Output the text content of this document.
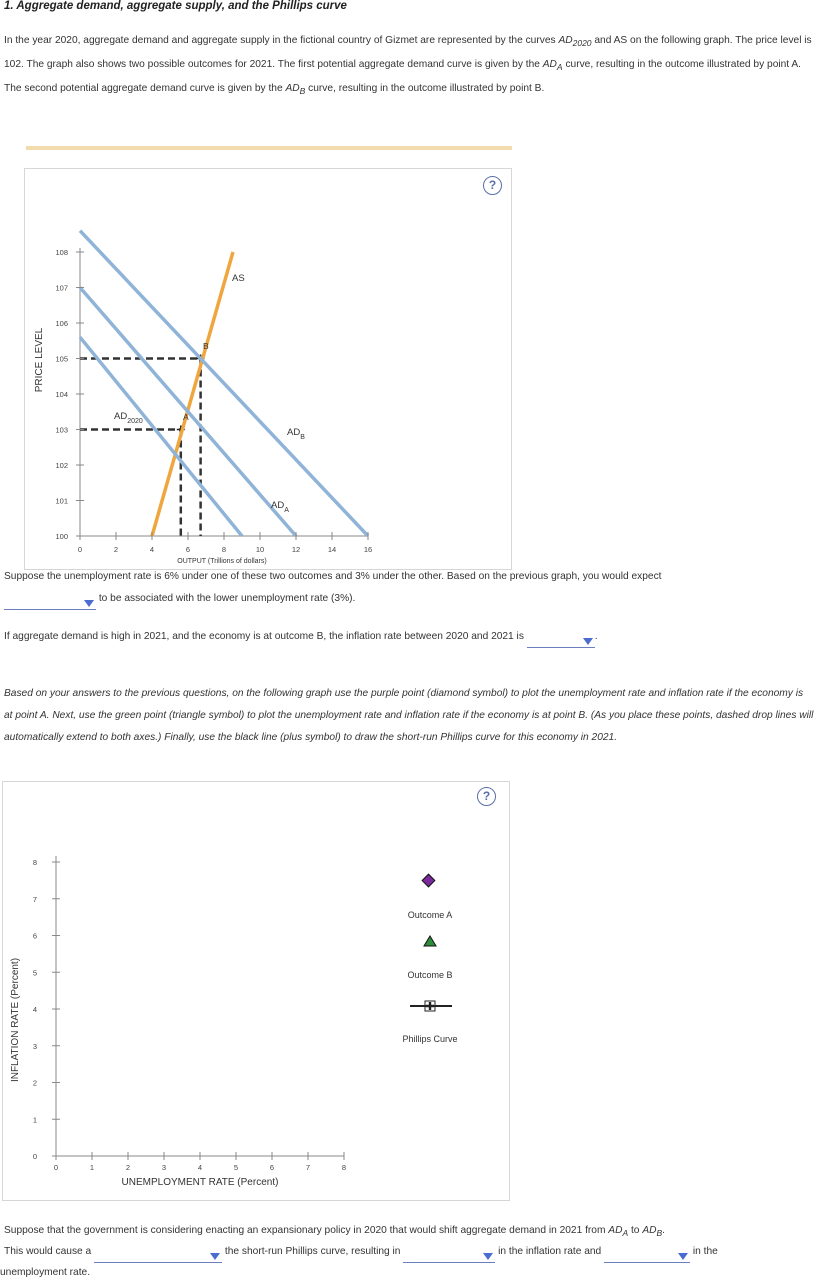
1. Aggregate demand, aggregate supply, and the Phillips curve
In the year 2020, aggregate demand and aggregate supply in the fictional country of Gizmet are represented by the curves $AD_{2020}$ and AS on the following graph. The price level is 102. The graph also shows two possible outcomes for 2021. The first potential aggregate demand curve is given by the $AD_A$ curve, resulting in the outcome illustrated by point A. The second potential aggregate demand curve is given by the $AD_B$ curve, resulting in the outcome illustrated by point B.
?
100
101
102
103
104
105
106
107
108
0	2	4	6	8	10	12	14	16
PRICE LEVEL
OUTPUT (Trillions of dollars)
AS
$AD_{2020}$
$AD_A$
$AD_B$
A
B
Suppose the unemployment rate is 6% under one of these two outcomes and 3% under the other. Based on the previous graph, you would expect
to be associated with the lower unemployment rate (3%).
If aggregate demand is high in 2021, and the economy is at outcome B, the inflation rate between 2020 and 2021 is	.
Based on your answers to the previous questions, on the following graph use the purple point (diamond symbol) to plot the unemployment rate and inflation rate if the economy is at point A. Next, use the green point (triangle symbol) to plot the unemployment rate and inflation rate if the economy is at point B. (As you place these points, dashed drop lines will automatically extend to both axes.) Finally, use the black line (plus symbol) to draw the short-run Phillips curve for this economy in 2021.
?
0
1
2
3
4
5
6
7
8
0	1	2	3	4	5	6	7	8
INFLATION RATE (Percent)
UNEMPLOYMENT RATE (Percent)
Outcome A
Outcome B
Phillips Curve
Suppose that the government is considering enacting an expansionary policy in 2020 that would shift aggregate demand in 2021 from $AD_A$ to $AD_B$.
This would cause a	the short-run Phillips curve, resulting in	in the inflation rate and	in the
unemployment rate.
